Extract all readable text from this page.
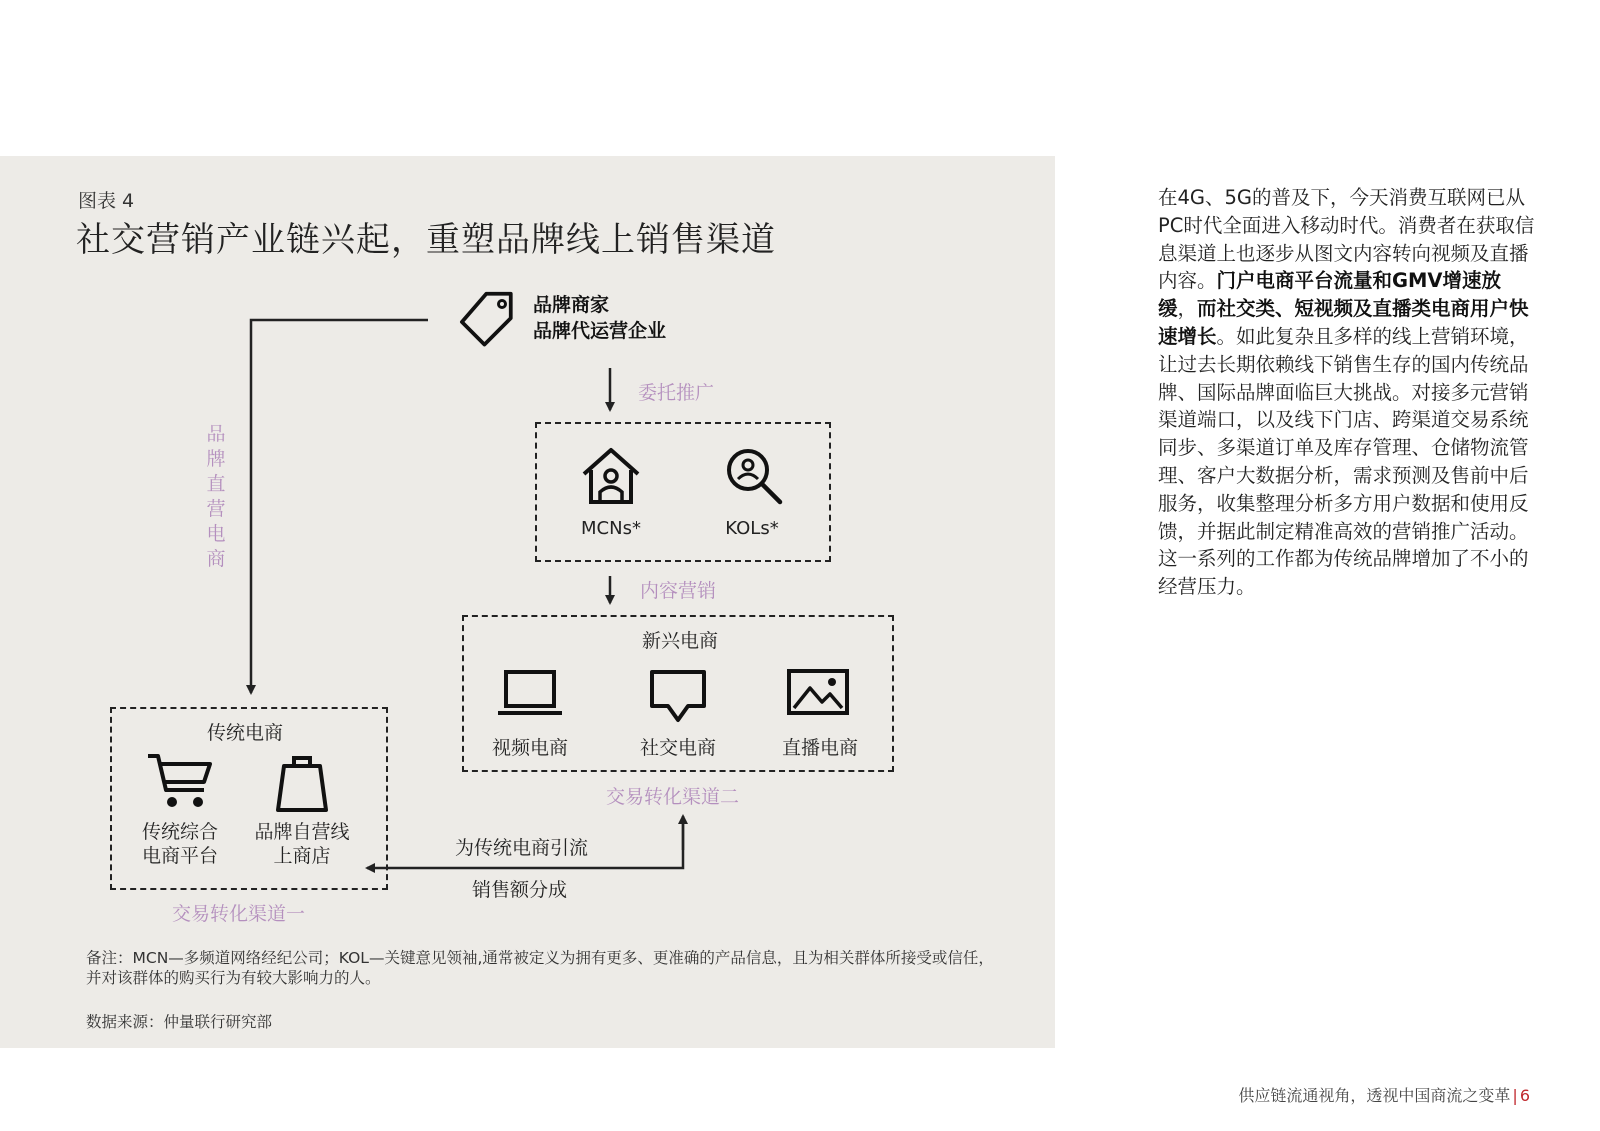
图表 4
社交营销产业链兴起，重塑品牌线上销售渠道
品牌商家
品牌代运营企业
委托推广
内容营销
品牌直营电商
MCNs*	KOLs*
新兴电商
视频电商	社交电商	直播电商
交易转化渠道二
传统电商
传统综合
电商平台
品牌自营线
上商店
交易转化渠道一
为传统电商引流
销售额分成
备注：MCN—多频道网络经纪公司；KOL—关键意见领袖,通常被定义为拥有更多、更准确的产品信息，且为相关群体所接受或信任，并对该群体的购买行为有较大影响力的人。
数据来源：仲量联行研究部
在4G、5G的普及下，今天消费互联网已从PC时代全面进入移动时代。消费者在获取信息渠道上也逐步从图文内容转向视频及直播内容。门户电商平台流量和GMV增速放缓，而社交类、短视频及直播类电商用户快速增长。如此复杂且多样的线上营销环境，让过去长期依赖线下销售生存的国内传统品牌、国际品牌面临巨大挑战。对接多元营销渠道端口，以及线下门店、跨渠道交易系统同步、多渠道订单及库存管理、仓储物流管理、客户大数据分析，需求预测及售前中后服务，收集整理分析多方用户数据和使用反馈，并据此制定精准高效的营销推广活动。这一系列的工作都为传统品牌增加了不小的经营压力。
供应链流通视角，透视中国商流之变革 | 6
